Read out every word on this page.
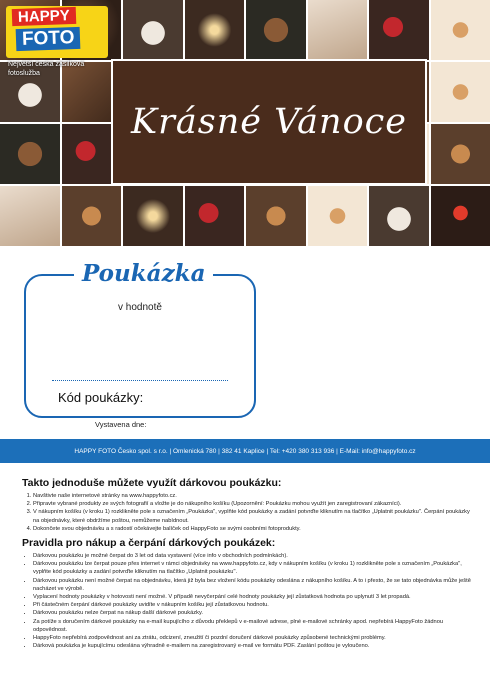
Krásné Vánoce
HAPPY
FOTO
Největší česká zásilková fotoslužba
Poukázka
v hodnotě
Kód poukázky:
Vystavena dne:
HAPPY FOTO Česko spol. s r.o. | Omlenická 780 | 382 41 Kaplice | Tel: +420 380 313 936 | E-Mail: info@happyfoto.cz
Takto jednoduše můžete využít dárkovou poukázku:
1. Navštivte naše internetové stránky na www.happyfoto.cz.
2. Připravte vybrané produkty ze svých fotografií a vložte je do nákupního košíku (Upozornění: Poukázku mohou využít jen zaregistrovaní zákazníci).
3. V nákupním košíku (v kroku 1) rozklikněte pole s označením „Poukázka", vyplňte kód poukázky a zadání potvrďte kliknutím na tlačítko „Uplatnit poukázku". Čerpání poukázky na objednávky, které obdržíme poštou, nemůžeme nabídnout.
4. Dokončete svou objednávku a s radostí očekávejte balíček od HappyFoto se svými osobními fotoprodukty.
Pravidla pro nákup a čerpání dárkových poukázek:
• Dárkovou poukázku je možné čerpat do 3 let od data vystavení (více info v obchodních podmínkách).
• Dárkovou poukázku lze čerpat pouze přes internet v rámci objednávky na www.happyfoto.cz, kdy v nákupním košíku (v kroku 1) rozklikněte pole s označením „Poukázka", vyplňte kód poukázky a zadání potvrďte kliknutím na tlačítko „Uplatnit poukázku".
• Dárkovou poukázku není možné čerpat na objednávku, která již byla bez vložení kódu poukázky odeslána z nákupního košíku. A to i přesto, že se tato objednávka může ještě nacházet ve výrobě.
• Vyplacení hodnoty poukázky v hotovosti není možné. V případě nevyčerpání celé hodnoty poukázky její zůstatková hodnota po uplynutí 3 let propadá.
• Při částečném čerpání dárkové poukázky uvidíte v nákupním košíku její zůstatkovou hodnotu.
• Dárkovou poukázku nelze čerpat na nákup další dárkové poukázky.
• Za potíže s doručením dárkové poukázky na e-mail kupujícího z důvodu překlepů v e-mailové adrese, plné e-mailové schránky apod. nepřebírá HappyFoto žádnou odpovědnost.
• HappyFoto nepřebírá zodpovědnost ani za ztrátu, odcizení, zneužití či pozdní doručení dárkové poukázky způsobené technickými problémy.
• Dárková poukázka je kupujícímu odeslána výhradně e-mailem na zaregistrovaný e-mail ve formátu PDF. Zaslání poštou je vyloučeno.
